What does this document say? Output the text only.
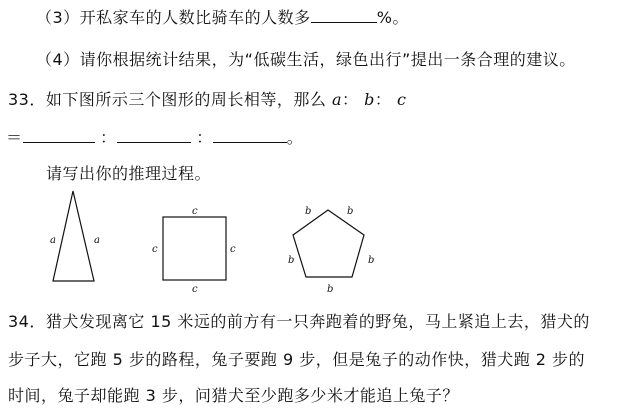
（3）开私家车的人数比骑车的人数多	%。
（4）请你根据统计结果，为“低碳生活，绿色出行”提出一条合理的建议。
33．如下图所示三个图形的周长相等，那么 a： b： c
＝	：	：	。
请写出你的推理过程。
a	a
c
c	c
c
b	b
b	b
b
34．猎犬发现离它 15 米远的前方有一只奔跑着的野兔，马上紧追上去，猎犬的
步子大，它跑 5 步的路程，兔子要跑 9 步，但是兔子的动作快，猎犬跑 2 步的
时间，兔子却能跑 3 步，问猎犬至少跑多少米才能追上兔子？
